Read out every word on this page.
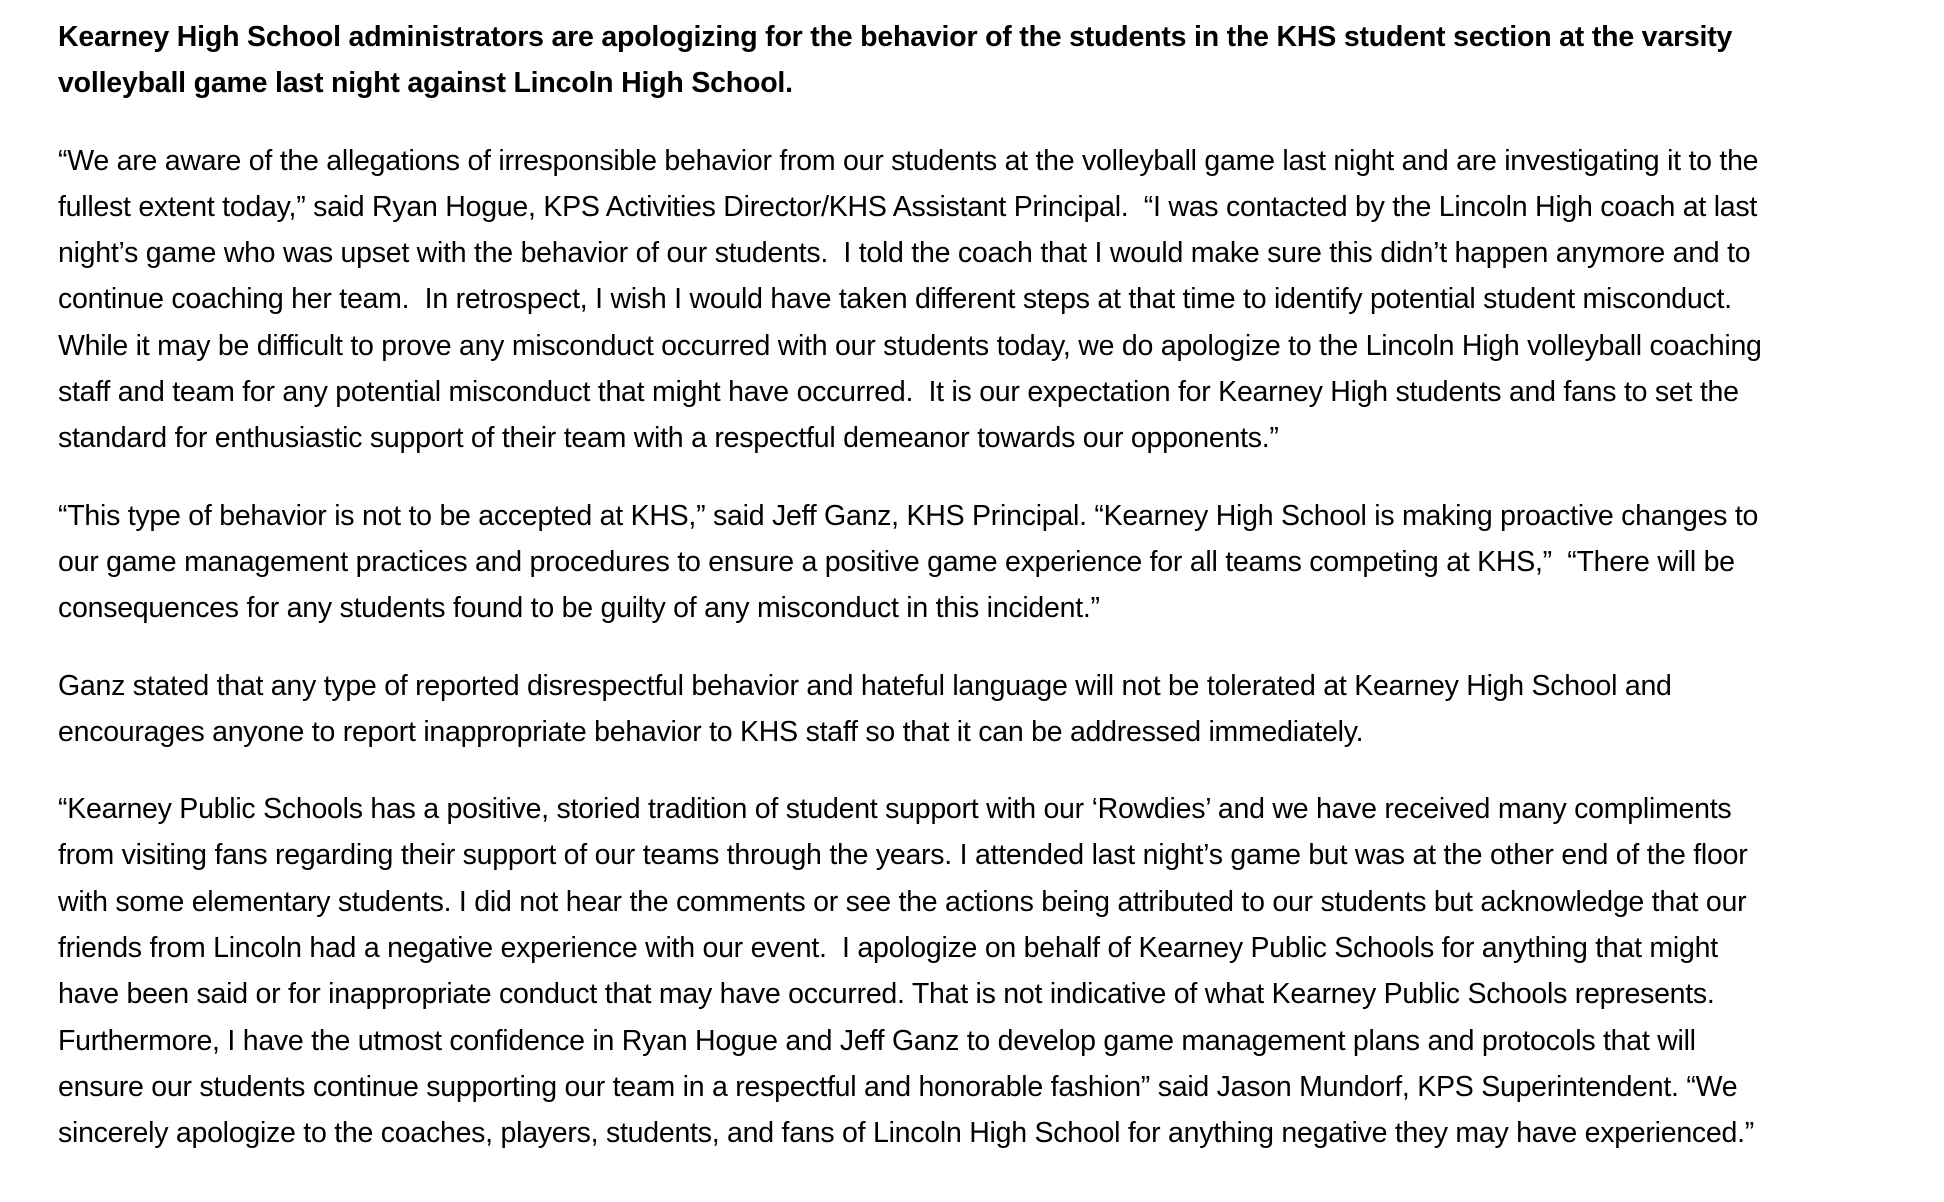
Kearney High School administrators are apologizing for the behavior of the students in the KHS student section at the varsity
volleyball game last night against Lincoln High School.

“We are aware of the allegations of irresponsible behavior from our students at the volleyball game last night and are investigating it to the
fullest extent today,” said Ryan Hogue, KPS Activities Director/KHS Assistant Principal.  “I was contacted by the Lincoln High coach at last
night’s game who was upset with the behavior of our students.  I told the coach that I would make sure this didn’t happen anymore and to
continue coaching her team.  In retrospect, I wish I would have taken different steps at that time to identify potential student misconduct.
While it may be difficult to prove any misconduct occurred with our students today, we do apologize to the Lincoln High volleyball coaching
staff and team for any potential misconduct that might have occurred.  It is our expectation for Kearney High students and fans to set the
standard for enthusiastic support of their team with a respectful demeanor towards our opponents.”

“This type of behavior is not to be accepted at KHS,” said Jeff Ganz, KHS Principal. “Kearney High School is making proactive changes to
our game management practices and procedures to ensure a positive game experience for all teams competing at KHS,”  “There will be
consequences for any students found to be guilty of any misconduct in this incident.”

Ganz stated that any type of reported disrespectful behavior and hateful language will not be tolerated at Kearney High School and
encourages anyone to report inappropriate behavior to KHS staff so that it can be addressed immediately.

“Kearney Public Schools has a positive, storied tradition of student support with our ‘Rowdies’ and we have received many compliments
from visiting fans regarding their support of our teams through the years. I attended last night’s game but was at the other end of the floor
with some elementary students. I did not hear the comments or see the actions being attributed to our students but acknowledge that our
friends from Lincoln had a negative experience with our event.  I apologize on behalf of Kearney Public Schools for anything that might
have been said or for inappropriate conduct that may have occurred. That is not indicative of what Kearney Public Schools represents.
Furthermore, I have the utmost confidence in Ryan Hogue and Jeff Ganz to develop game management plans and protocols that will
ensure our students continue supporting our team in a respectful and honorable fashion” said Jason Mundorf, KPS Superintendent. “We
sincerely apologize to the coaches, players, students, and fans of Lincoln High School for anything negative they may have experienced.”
